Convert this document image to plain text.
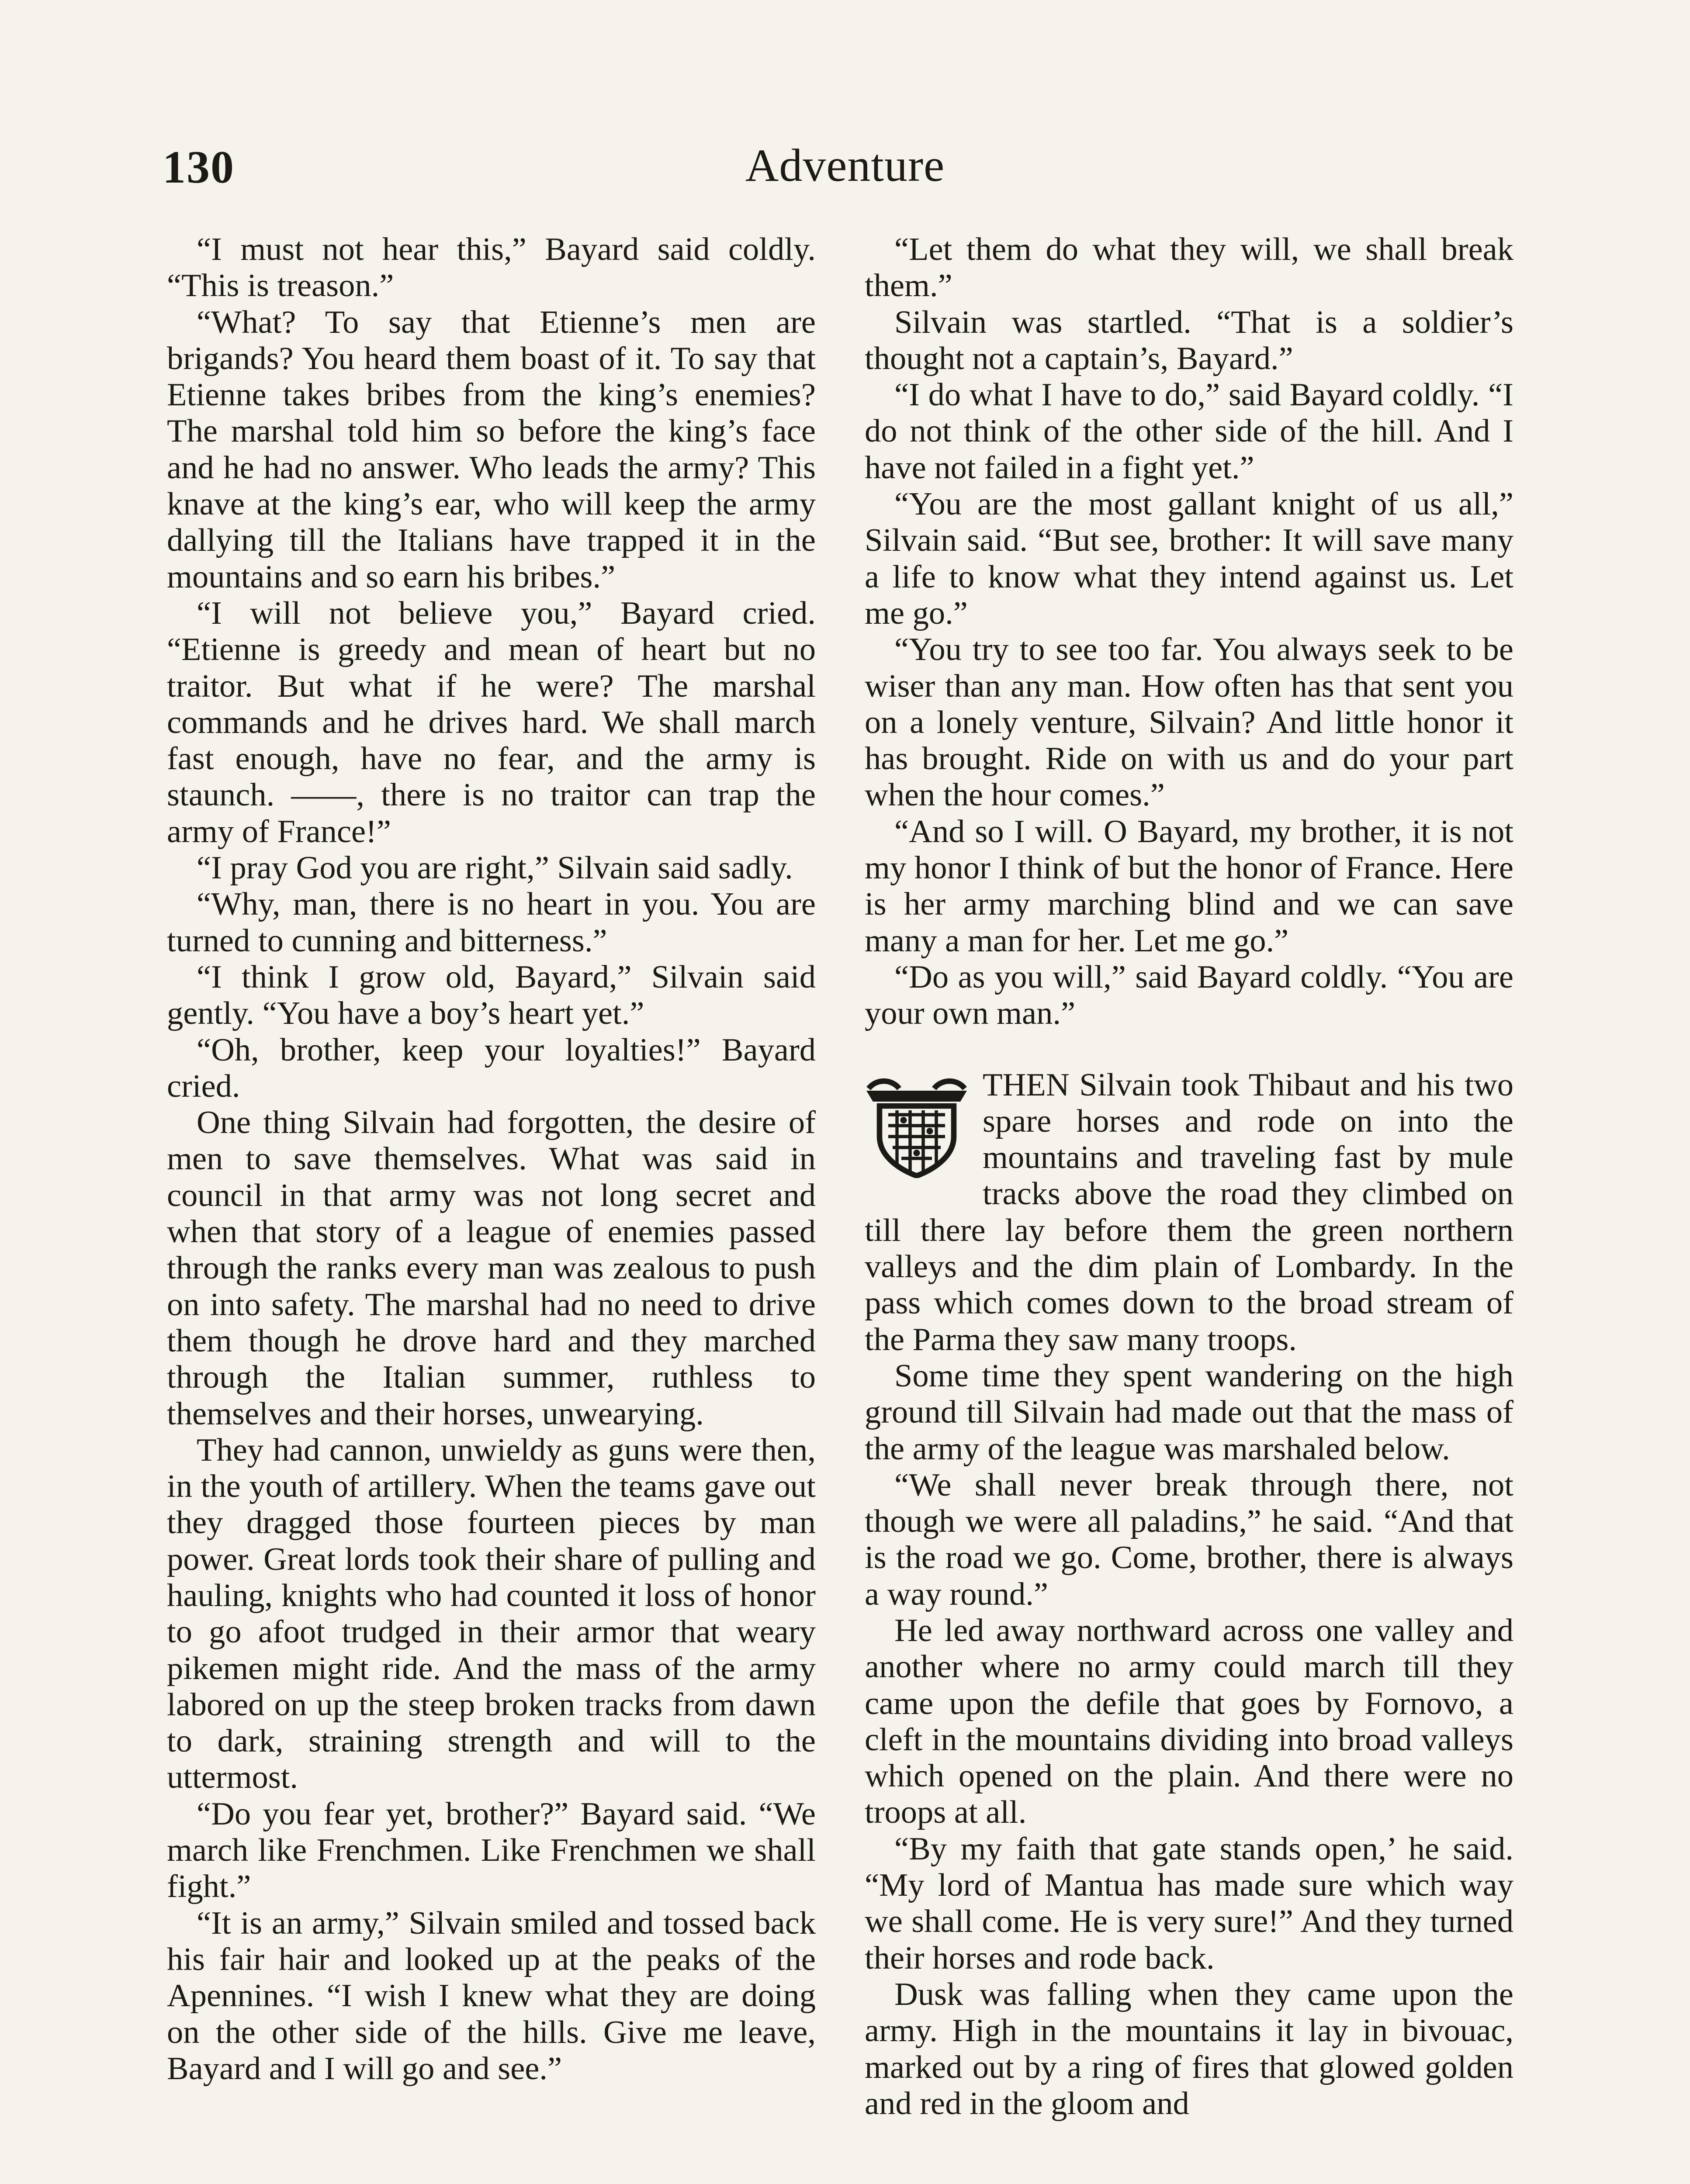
130	Adventure

“I must not hear this,” Bayard said coldly. “This is treason.”

“What? To say that Etienne’s men are brigands? You heard them boast of it. To say that Etienne takes bribes from the king’s enemies? The marshal told him so before the king’s face and he had no answer. Who leads the army? This knave at the king’s ear, who will keep the army dallying till the Italians have trapped it in the mountains and so earn his bribes.”

“I will not believe you,” Bayard cried. “Etienne is greedy and mean of heart but no traitor. But what if he were? The marshal commands and he drives hard. We shall march fast enough, have no fear, and the army is staunch. ——, there is no traitor can trap the army of France!”

“I pray God you are right,” Silvain said sadly.

“Why, man, there is no heart in you. You are turned to cunning and bitterness.”

“I think I grow old, Bayard,” Silvain said gently. “You have a boy’s heart yet.”

“Oh, brother, keep your loyalties!” Bayard cried.

One thing Silvain had forgotten, the desire of men to save themselves. What was said in council in that army was not long secret and when that story of a league of enemies passed through the ranks every man was zealous to push on into safety. The marshal had no need to drive them though he drove hard and they marched through the Italian summer, ruthless to themselves and their horses, unwearying.

They had cannon, unwieldy as guns were then, in the youth of artillery. When the teams gave out they dragged those fourteen pieces by man power. Great lords took their share of pulling and hauling, knights who had counted it loss of honor to go afoot trudged in their armor that weary pikemen might ride. And the mass of the army labored on up the steep broken tracks from dawn to dark, straining strength and will to the uttermost.

“Do you fear yet, brother?” Bayard said. “We march like Frenchmen. Like Frenchmen we shall fight.”

“It is an army,” Silvain smiled and tossed back his fair hair and looked up at the peaks of the Apennines. “I wish I knew what they are doing on the other side of the hills. Give me leave, Bayard and I will go and see.”

“Let them do what they will, we shall break them.”

Silvain was startled. “That is a soldier’s thought not a captain’s, Bayard.”

“I do what I have to do,” said Bayard coldly. “I do not think of the other side of the hill. And I have not failed in a fight yet.”

“You are the most gallant knight of us all,” Silvain said. “But see, brother: It will save many a life to know what they intend against us. Let me go.”

“You try to see too far. You always seek to be wiser than any man. How often has that sent you on a lonely venture, Silvain? And little honor it has brought. Ride on with us and do your part when the hour comes.”

“And so I will. O Bayard, my brother, it is not my honor I think of but the honor of France. Here is her army marching blind and we can save many a man for her. Let me go.”

“Do as you will,” said Bayard coldly. “You are your own man.”

THEN Silvain took Thibaut and his two spare horses and rode on into the mountains and traveling fast by mule tracks above the road they climbed on till there lay before them the green northern valleys and the dim plain of Lombardy. In the pass which comes down to the broad stream of the Parma they saw many troops.

Some time they spent wandering on the high ground till Silvain had made out that the mass of the army of the league was marshaled below.

“We shall never break through there, not though we were all paladins,” he said. “And that is the road we go. Come, brother, there is always a way round.”

He led away northward across one valley and another where no army could march till they came upon the defile that goes by Fornovo, a cleft in the mountains dividing into broad valleys which opened on the plain. And there were no troops at all.

“By my faith that gate stands open,’ he said. “My lord of Mantua has made sure which way we shall come. He is very sure!” And they turned their horses and rode back.

Dusk was falling when they came upon the army. High in the mountains it lay in bivouac, marked out by a ring of fires that glowed golden and red in the gloom and
